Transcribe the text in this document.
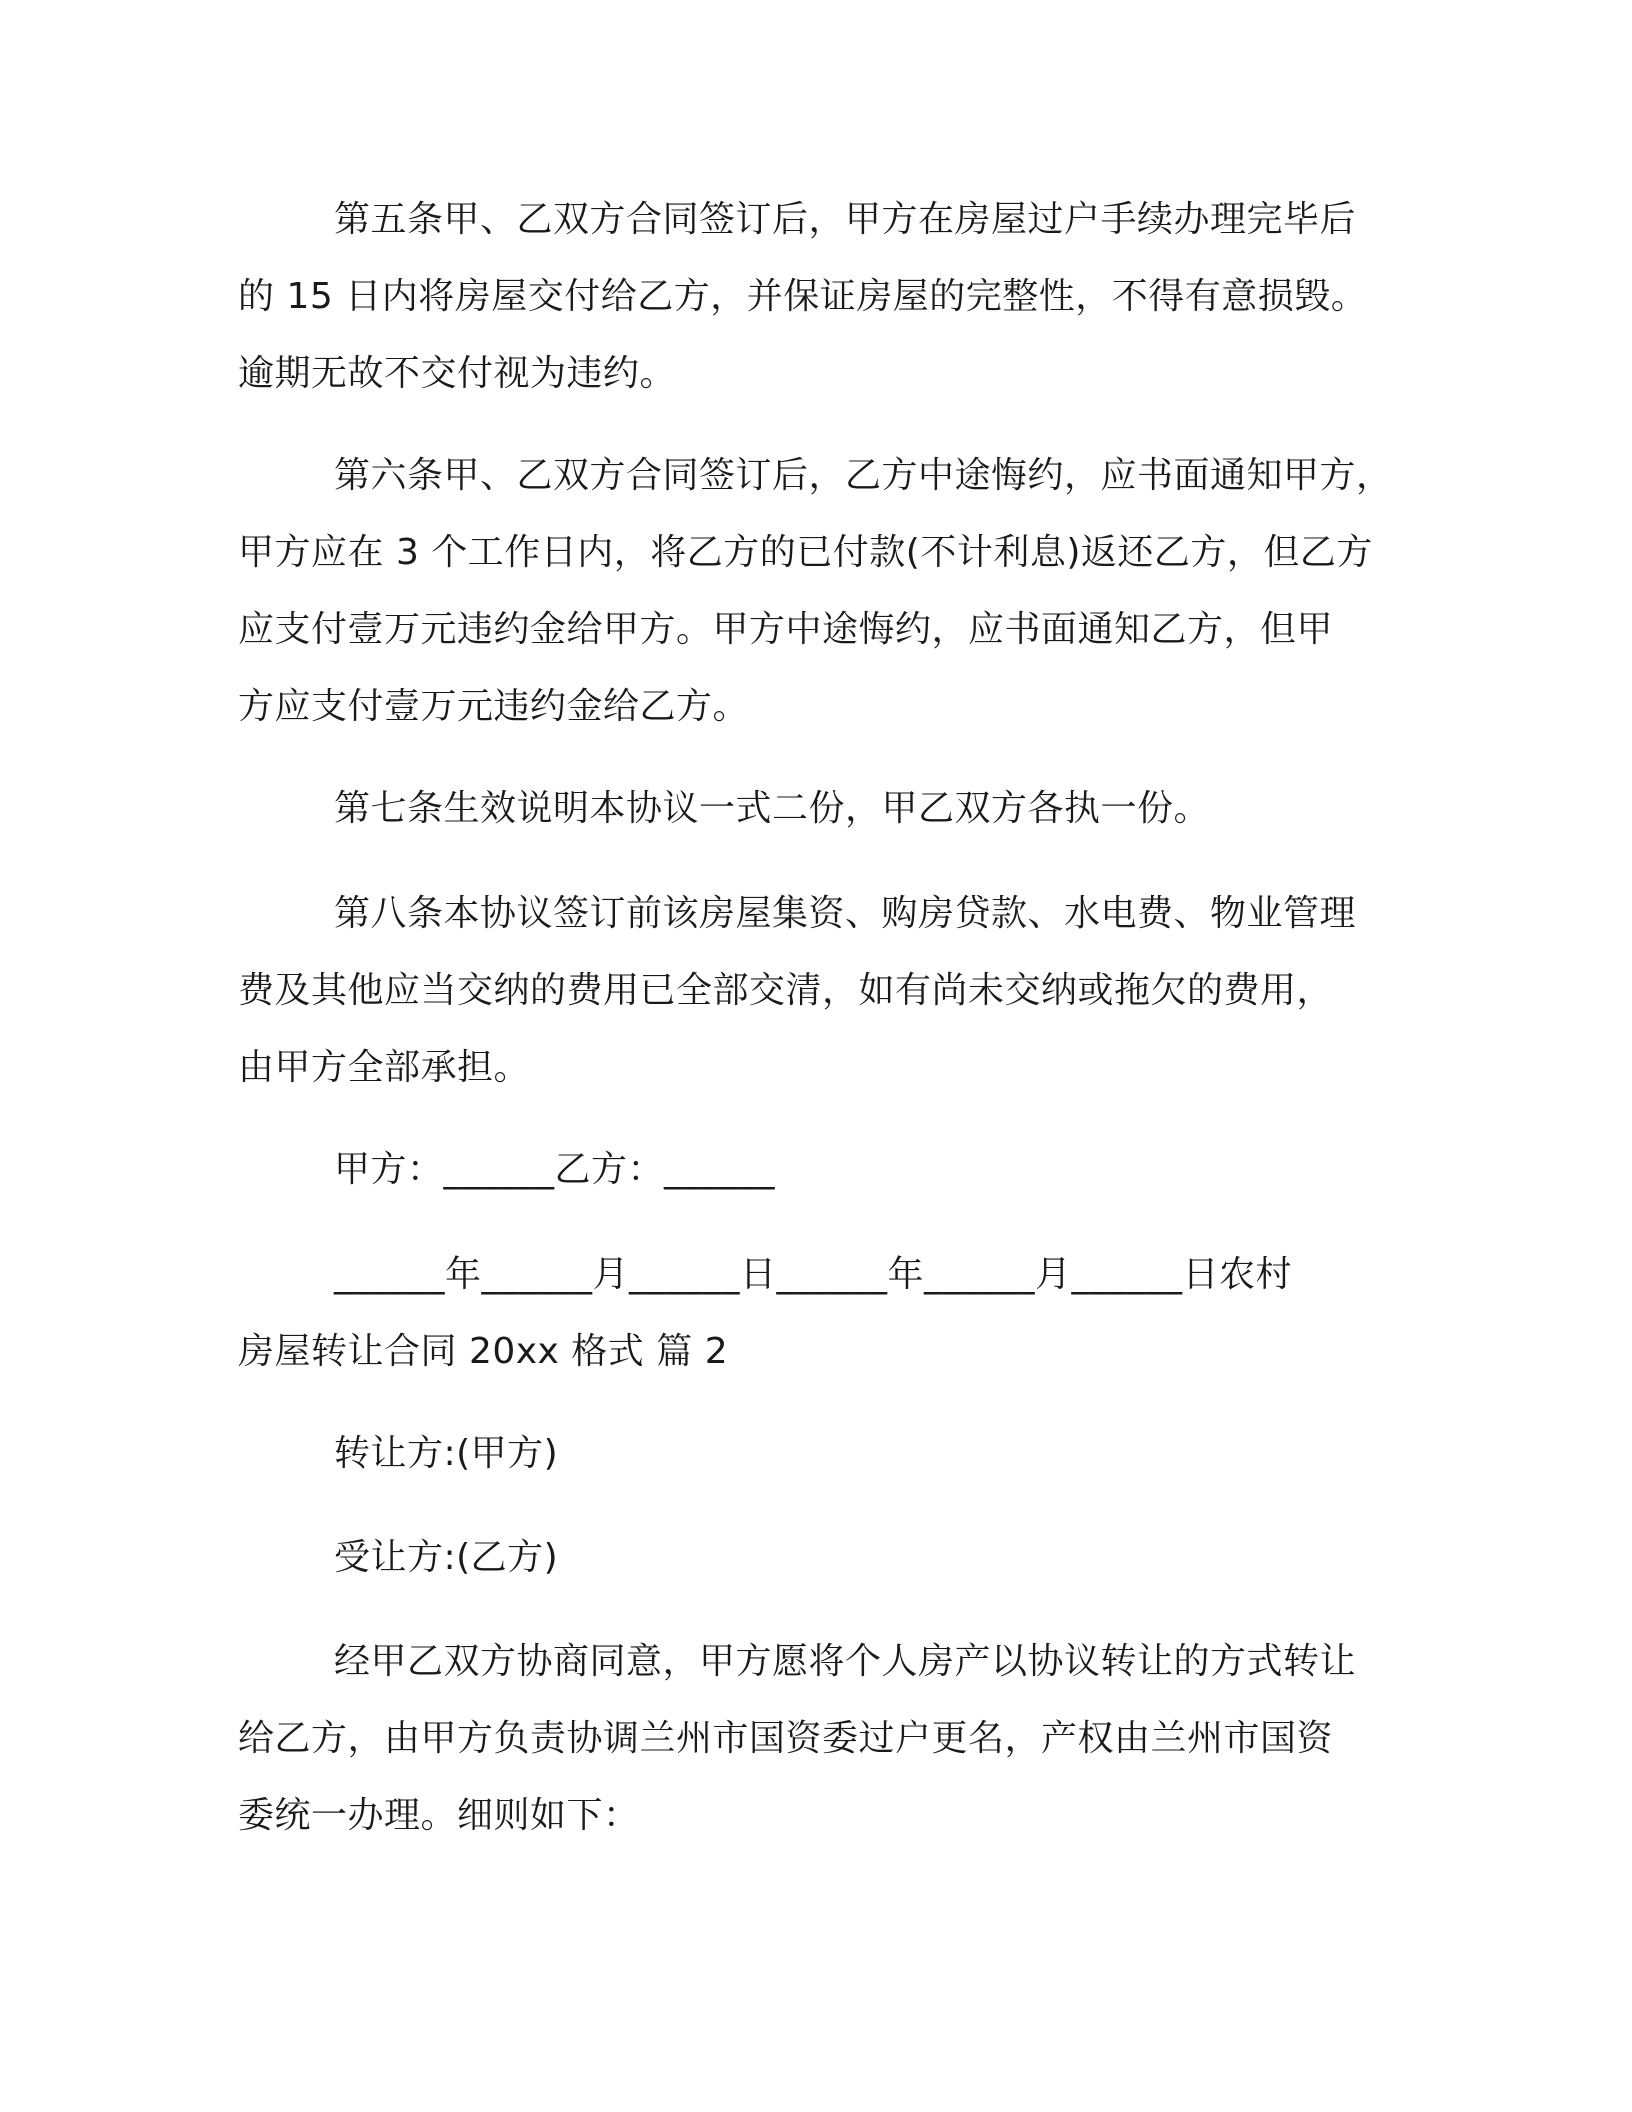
第五条甲、乙双方合同签订后，甲方在房屋过户手续办理完毕后
的 15 日内将房屋交付给乙方，并保证房屋的完整性，不得有意损毁。
逾期无故不交付视为违约。
第六条甲、乙双方合同签订后，乙方中途悔约，应书面通知甲方，
甲方应在 3 个工作日内，将乙方的已付款(不计利息)返还乙方，但乙方
应支付壹万元违约金给甲方。甲方中途悔约，应书面通知乙方，但甲
方应支付壹万元违约金给乙方。
第七条生效说明本协议一式二份，甲乙双方各执一份。
第八条本协议签订前该房屋集资、购房贷款、水电费、物业管理
费及其他应当交纳的费用已全部交清，如有尚未交纳或拖欠的费用，
由甲方全部承担。
甲方：______乙方：______
______年______月______日______年______月______日农村
房屋转让合同 20xx 格式 篇 2
转让方:(甲方)
受让方:(乙方)
经甲乙双方协商同意，甲方愿将个人房产以协议转让的方式转让
给乙方，由甲方负责协调兰州市国资委过户更名，产权由兰州市国资
委统一办理。细则如下：
